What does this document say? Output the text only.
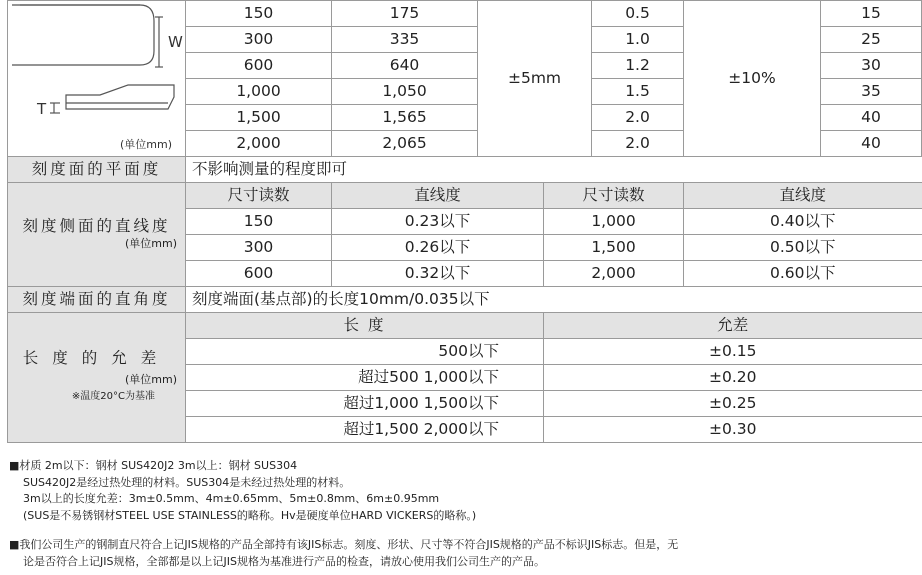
W
T
(单位mm)	150	175	±5mm		0.5	±10%	15	
	300	335			1.0		25	
	600	640			1.2		30	
	1,000	1,050			1.5		35	
	1,500	1,565			2.0		40	
	2,000	2,065			2.0		40	
刻度面的平面度	不影响测量的程度即可							

刻度侧面的直线度
(单位mm)	尺寸读数	直线度		尺寸读数		直线度		
	150	0.23以下		1,000		0.40以下		
	300	0.26以下		1,500		0.50以下		
	600	0.32以下		2,000		0.60以下		
刻度端面的直角度	刻度端面(基点部)的长度10mm/0.035以下							

长度的允差
(单位mm)
※温度20°C为基准	长 度			允差				
	500以下			±0.15				
	超过500 1,000以下			±0.20				
	超过1,000 1,500以下			±0.25				
	超过1,500 2,000以下			±0.30				
■材质 2m以下：钢材 SUS420J2 3m以上：钢材 SUS304
SUS420J2是经过热处理的材料。SUS304是未经过热处理的材料。
3m以上的长度允差：3m±0.5mm、4m±0.65mm、5m±0.8mm、6m±0.95mm
(SUS是不易锈钢材STEEL USE STAINLESS的略称。Hv是硬度单位HARD VICKERS的略称。)
■我们公司生产的钢制直尺符合上记JIS规格的产品全部持有该JIS标志。刻度、形状、尺寸等不符合JIS规格的产品不标识JIS标志。但是，无
论是否符合上记JIS规格，全部都是以上记JIS规格为基准进行产品的检查，请放心使用我们公司生产的产品。
